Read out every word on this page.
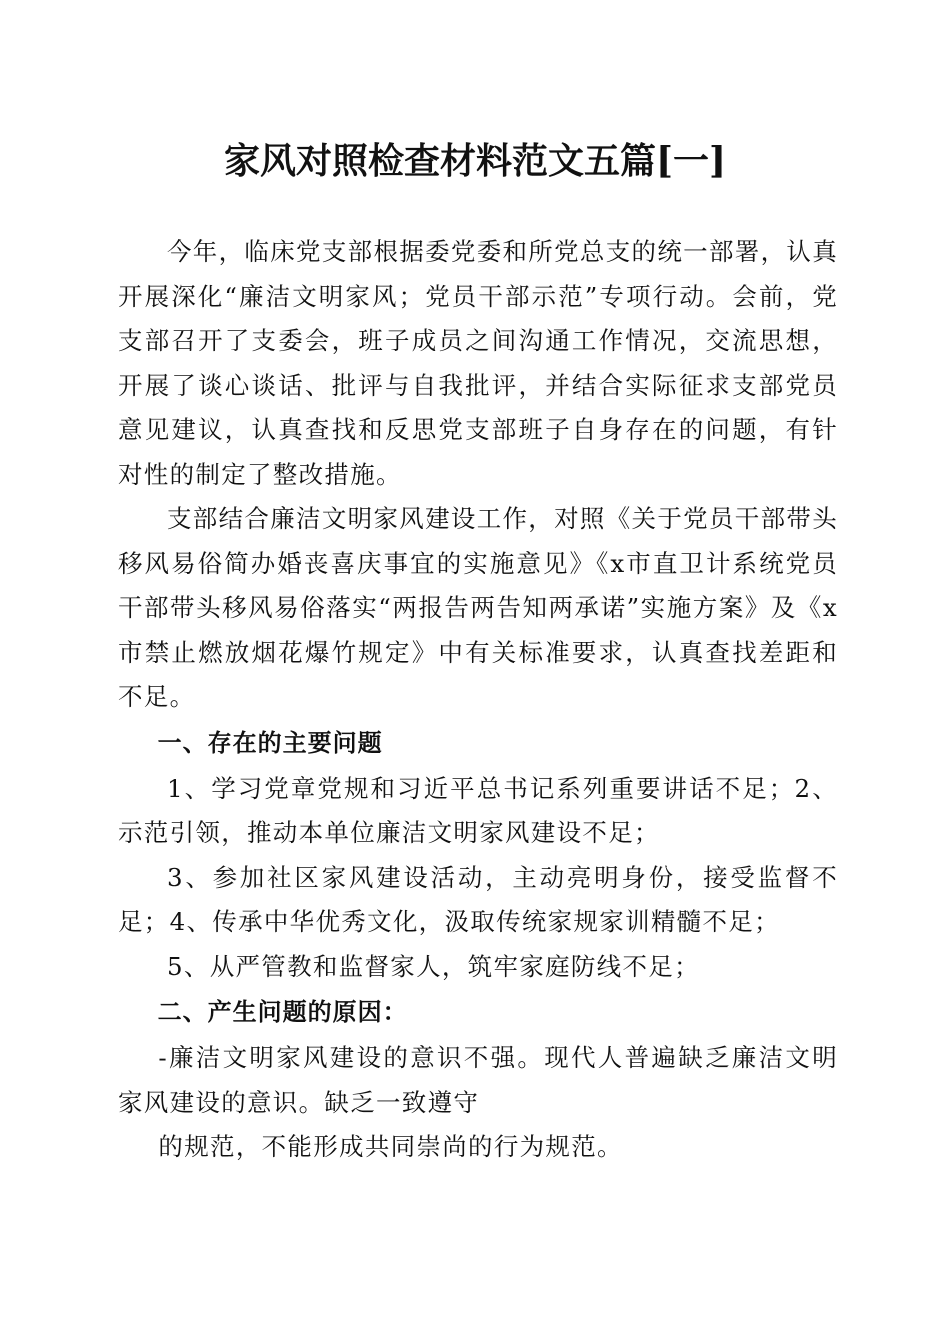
家风对照检查材料范文五篇[一]

今年，临床党支部根据委党委和所党总支的统一部署，认真开展深化“廉洁文明家风；党员干部示范”专项行动。会前，党支部召开了支委会，班子成员之间沟通工作情况，交流思想，开展了谈心谈话、批评与自我批评，并结合实际征求支部党员意见建议，认真查找和反思党支部班子自身存在的问题，有针对性的制定了整改措施。

支部结合廉洁文明家风建设工作，对照《关于党员干部带头移风易俗简办婚丧喜庆事宜的实施意见》《x市直卫计系统党员干部带头移风易俗落实“两报告两告知两承诺”实施方案》及《x市禁止燃放烟花爆竹规定》中有关标准要求，认真查找差距和不足。

一、存在的主要问题

1、学习党章党规和习近平总书记系列重要讲话不足；2、示范引领，推动本单位廉洁文明家风建设不足；

3、参加社区家风建设活动，主动亮明身份，接受监督不足；4、传承中华优秀文化，汲取传统家规家训精髓不足；

5、从严管教和监督家人，筑牢家庭防线不足；

二、产生问题的原因：

-廉洁文明家风建设的意识不强。现代人普遍缺乏廉洁文明家风建设的意识。缺乏一致遵守

的规范，不能形成共同崇尚的行为规范。
